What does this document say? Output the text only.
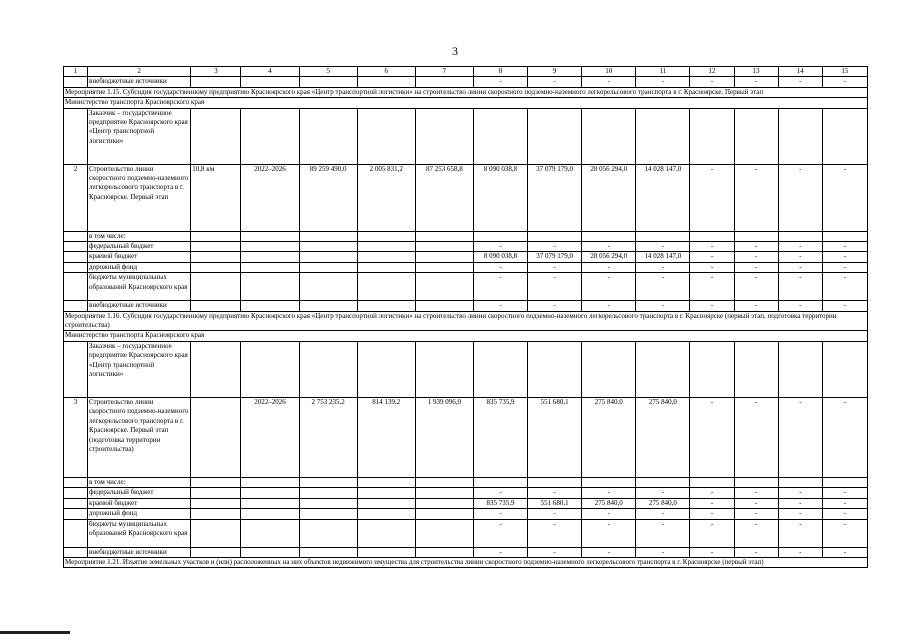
3
1	2	3	4	5	6	7	8	9	10	11	12	13	14	15
	внебюджетные источники						-	-	-	-	-	-	-	-
Мероприятие 1.15. Субсидия государственному предприятию Красноярского края «Центр транспортной логистики» на строительство линии скорostного подземно-наземного легкорельсового транспорта в г. Красноярске. Первый этап														
Министерство транспорта Красноярского края														
	Заказчик – государственное предприятие Красноярского края «Центр транспортной логистики»													
2	Строительство линии скоростного подземно-наземного легкорельсового транспорта в г. Красноярске. Первый этап	10,8 км	2022–2026	89 259 490,0	2 005 831,2	87 253 658,8	8 090 038,8	37 079 179,0	28 056 294,0	14 028 147,0	-	-	-	-
	в том числе:													
	федеральный бюджет						-	-	-	-	-	-	-	-
	краевой бюджет						8 090 038,8	37 079 179,0	28 056 294,0	14 028 147,0	-	-	-	-
	дорожный фонд						-	-	-	-	-	-	-	-
	бюджеты муниципальных образований Красноярского края						-	-	-	-	-	-	-	-
	внебюджетные источники						-	-	-	-	-	-	-	-
Мероприятие 1.16. Субсидия государственному предприятию Красноярского края «Центр транспортной логистики» на строительство линии скоростного подземно-наземного легкорельсового транспорта в г. Красноярске (первый этап, подготовка территории строительства)														
Министерство транспорта Красноярского края														
	Заказчик – государственное предприятие Красноярского края «Центр транспортной логистики»													
3	Строительство линии скоростного подземно-наземного легкорельсового транспорта в г. Красноярске. Первый этап (подготовка территории строительства)		2022–2026	2 753 235,2	814 139,2	1 939 096,0	835 735,9	551 680,1	275 840,0	275 840,0	-	-	-	-
	в том числе:													
	федеральный бюджет						-	-	-	-	-	-	-	-
	краевой бюджет						835 735,9	551 680,1	275 840,0	275 840,0	-	-	-	-
	дорожный фонд						-	-	-	-	-	-	-	-
	бюджеты муниципальных образований Красноярского края						-	-	-	-	-	-	-	-
	внебюджетные источники						-	-	-	-	-	-	-	-
Мероприятие 1.21. Изъятие земельных участков и (или) расположенных на них объектов недвижимого имущества для строительства линии скоростного подземно-наземного легкорельсового транспорта в г. Красноярске (первый этап)														
